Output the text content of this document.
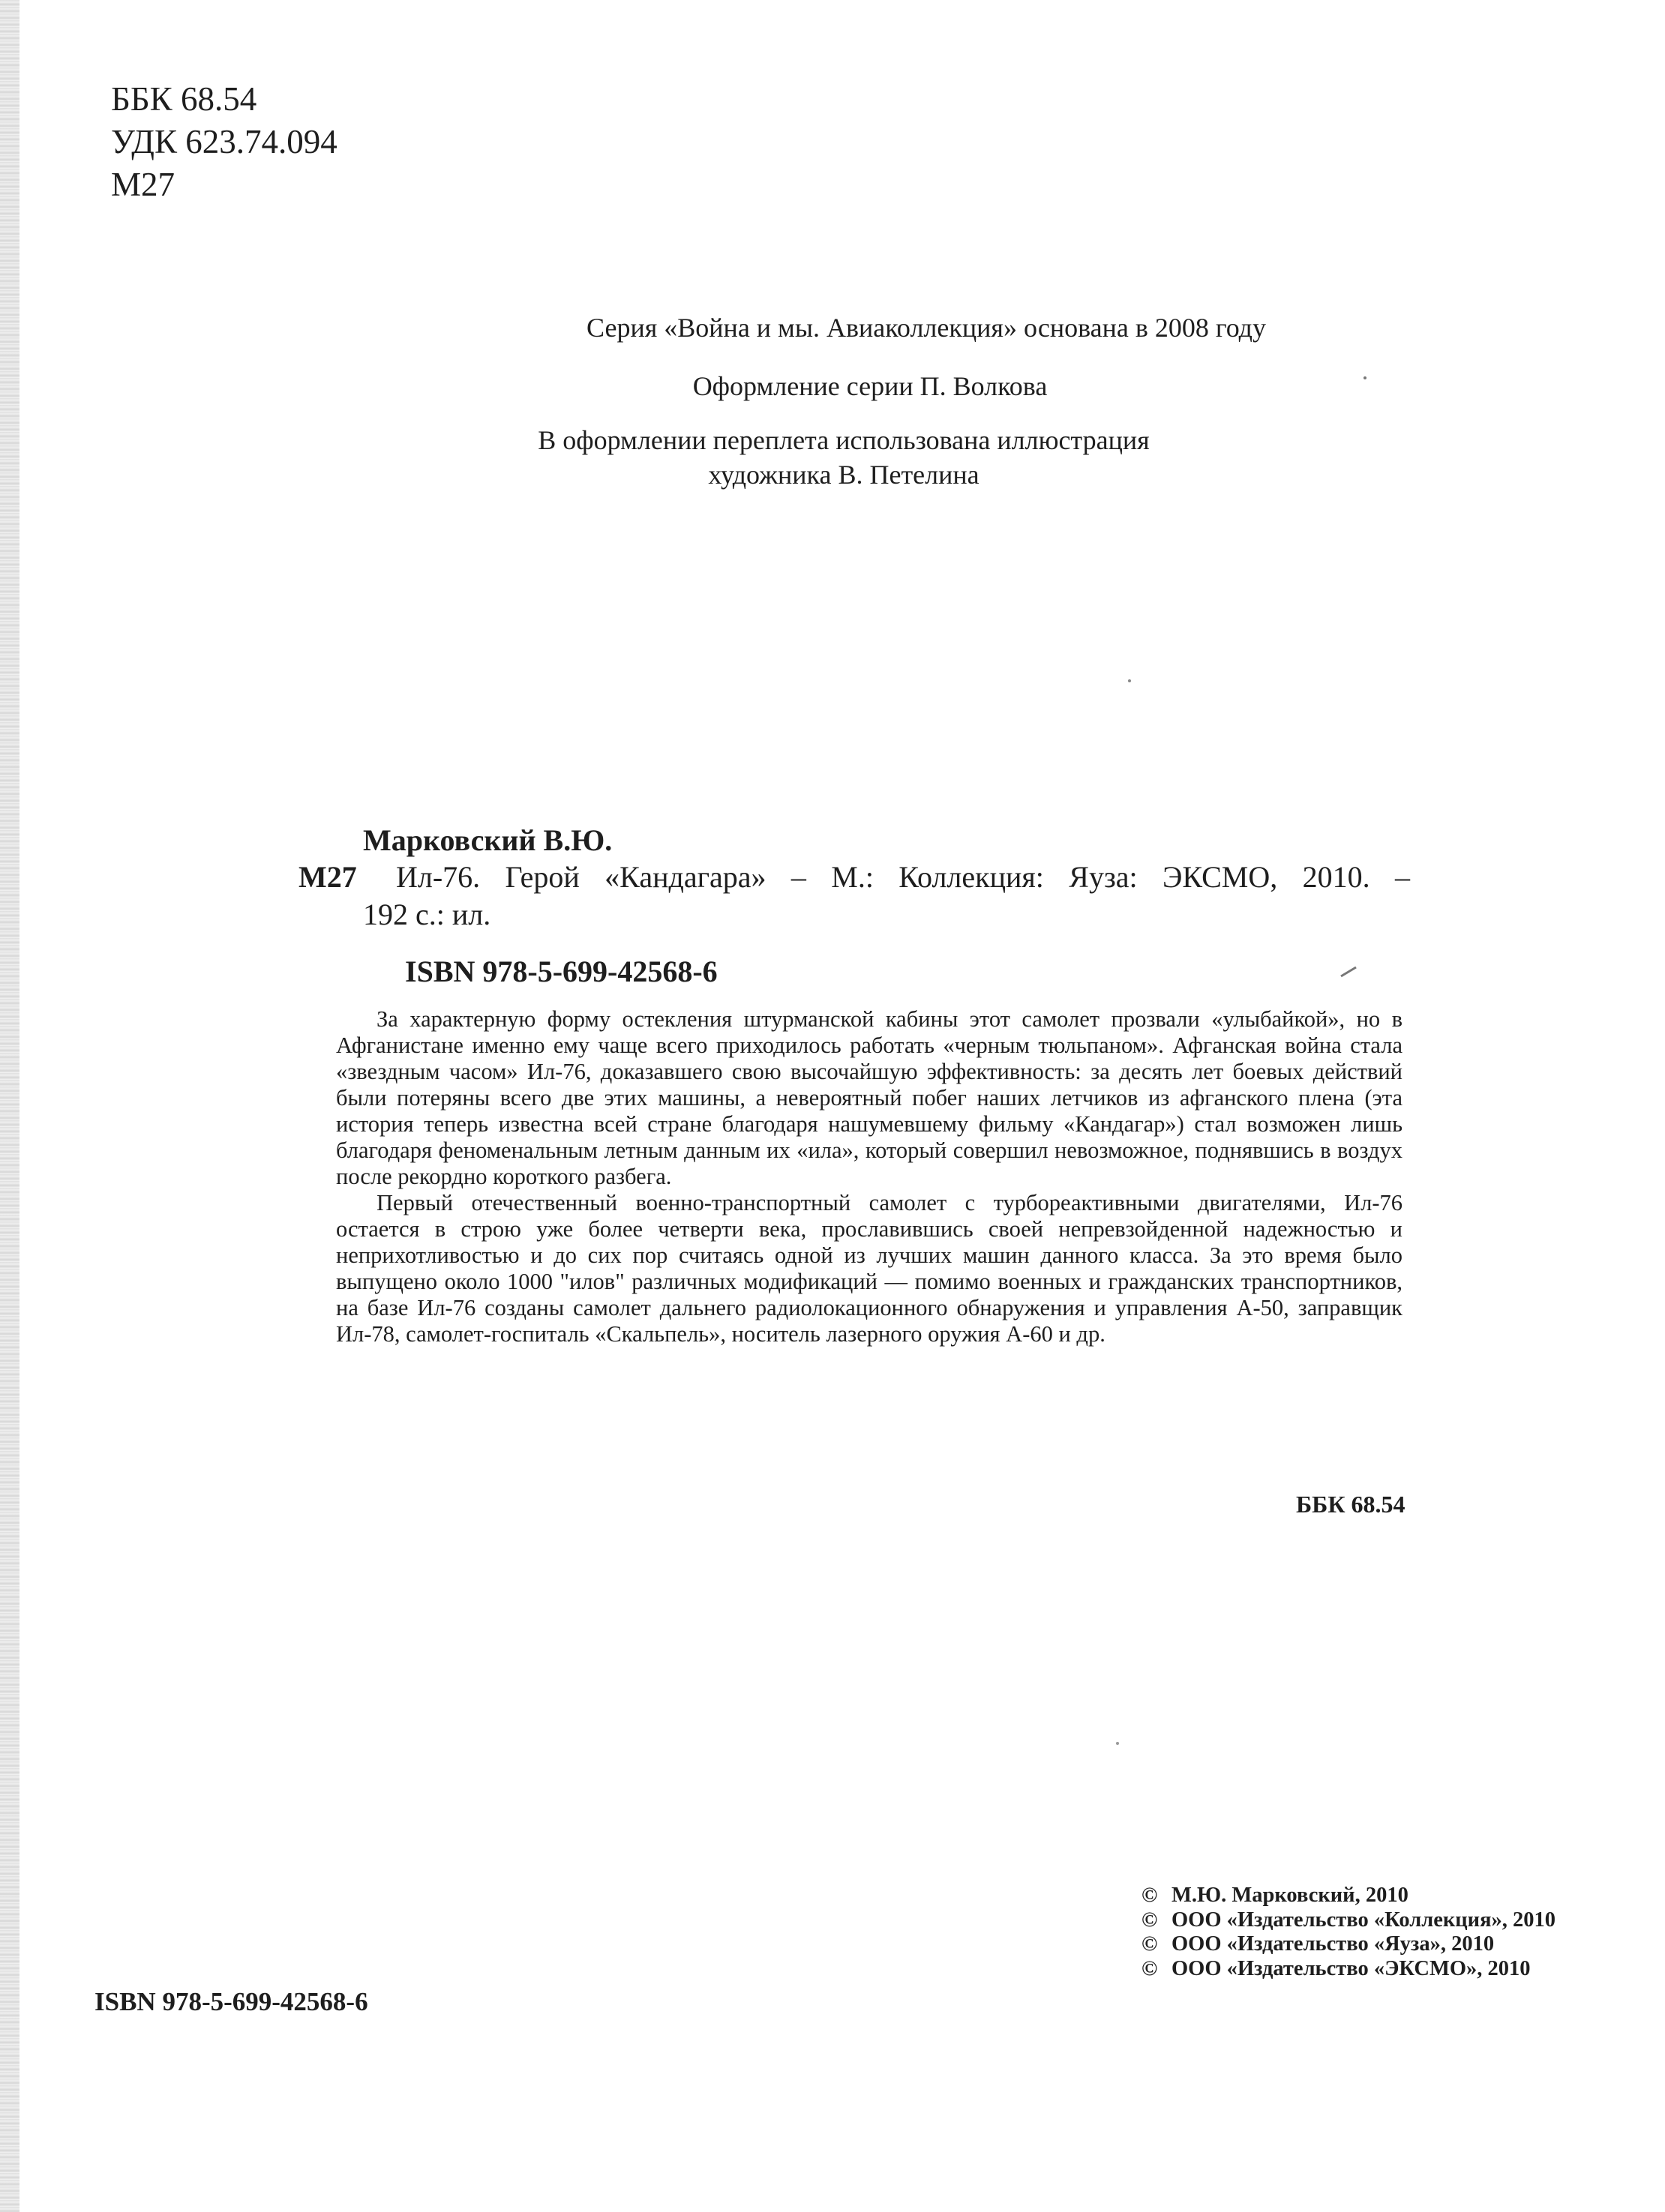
ББК 68.54
УДК 623.74.094
М27
Серия «Война и мы. Авиаколлекция» основана в 2008 году
Оформление серии П. Волкова
В оформлении переплета использована иллюстрация
художника В. Петелина
Марковский В.Ю.
М27 Ил-76. Герой «Кандагара» – М.: Коллекция: Яуза: ЭКСМО, 2010. –
192 с.: ил.
ISBN 978-5-699-42568-6

За характерную форму остекления штурманской кабины этот самолет прозвали «улыбайкой», но в Афганистане именно ему чаще всего приходилось работать «черным тюльпаном». Афганская война стала «звездным часом» Ил-76, доказавшего свою высочайшую эффективность: за десять лет боевых действий были потеряны всего две этих машины, а невероятный побег наших летчиков из афганского плена (эта история теперь известна всей стране благодаря нашумевшему фильму «Кандагар») стал возможен лишь благодаря феноменальным летным данным их «ила», который совершил невозможное, поднявшись в воздух после рекордно короткого разбега.

Первый отечественный военно-транспортный самолет с турбореактивными двигателями, Ил-76 остается в строю уже более четверти века, прославившись своей непревзойденной надежностью и неприхотливостью и до сих пор считаясь одной из лучших машин данного класса. За это время было выпущено около 1000 "илов" различных модификаций — помимо военных и гражданских транспортников, на базе Ил-76 созданы самолет дальнего радиолокационного обнаружения и управления А-50, заправщик Ил-78, самолет-госпиталь «Скальпель», носитель лазерного оружия А-60 и др.

ББК 68.54
© М.Ю. Марковский, 2010
© ООО «Издательство «Коллекция», 2010
© ООО «Издательство «Яуза», 2010
© ООО «Издательство «ЭКСМО», 2010
ISBN 978-5-699-42568-6
